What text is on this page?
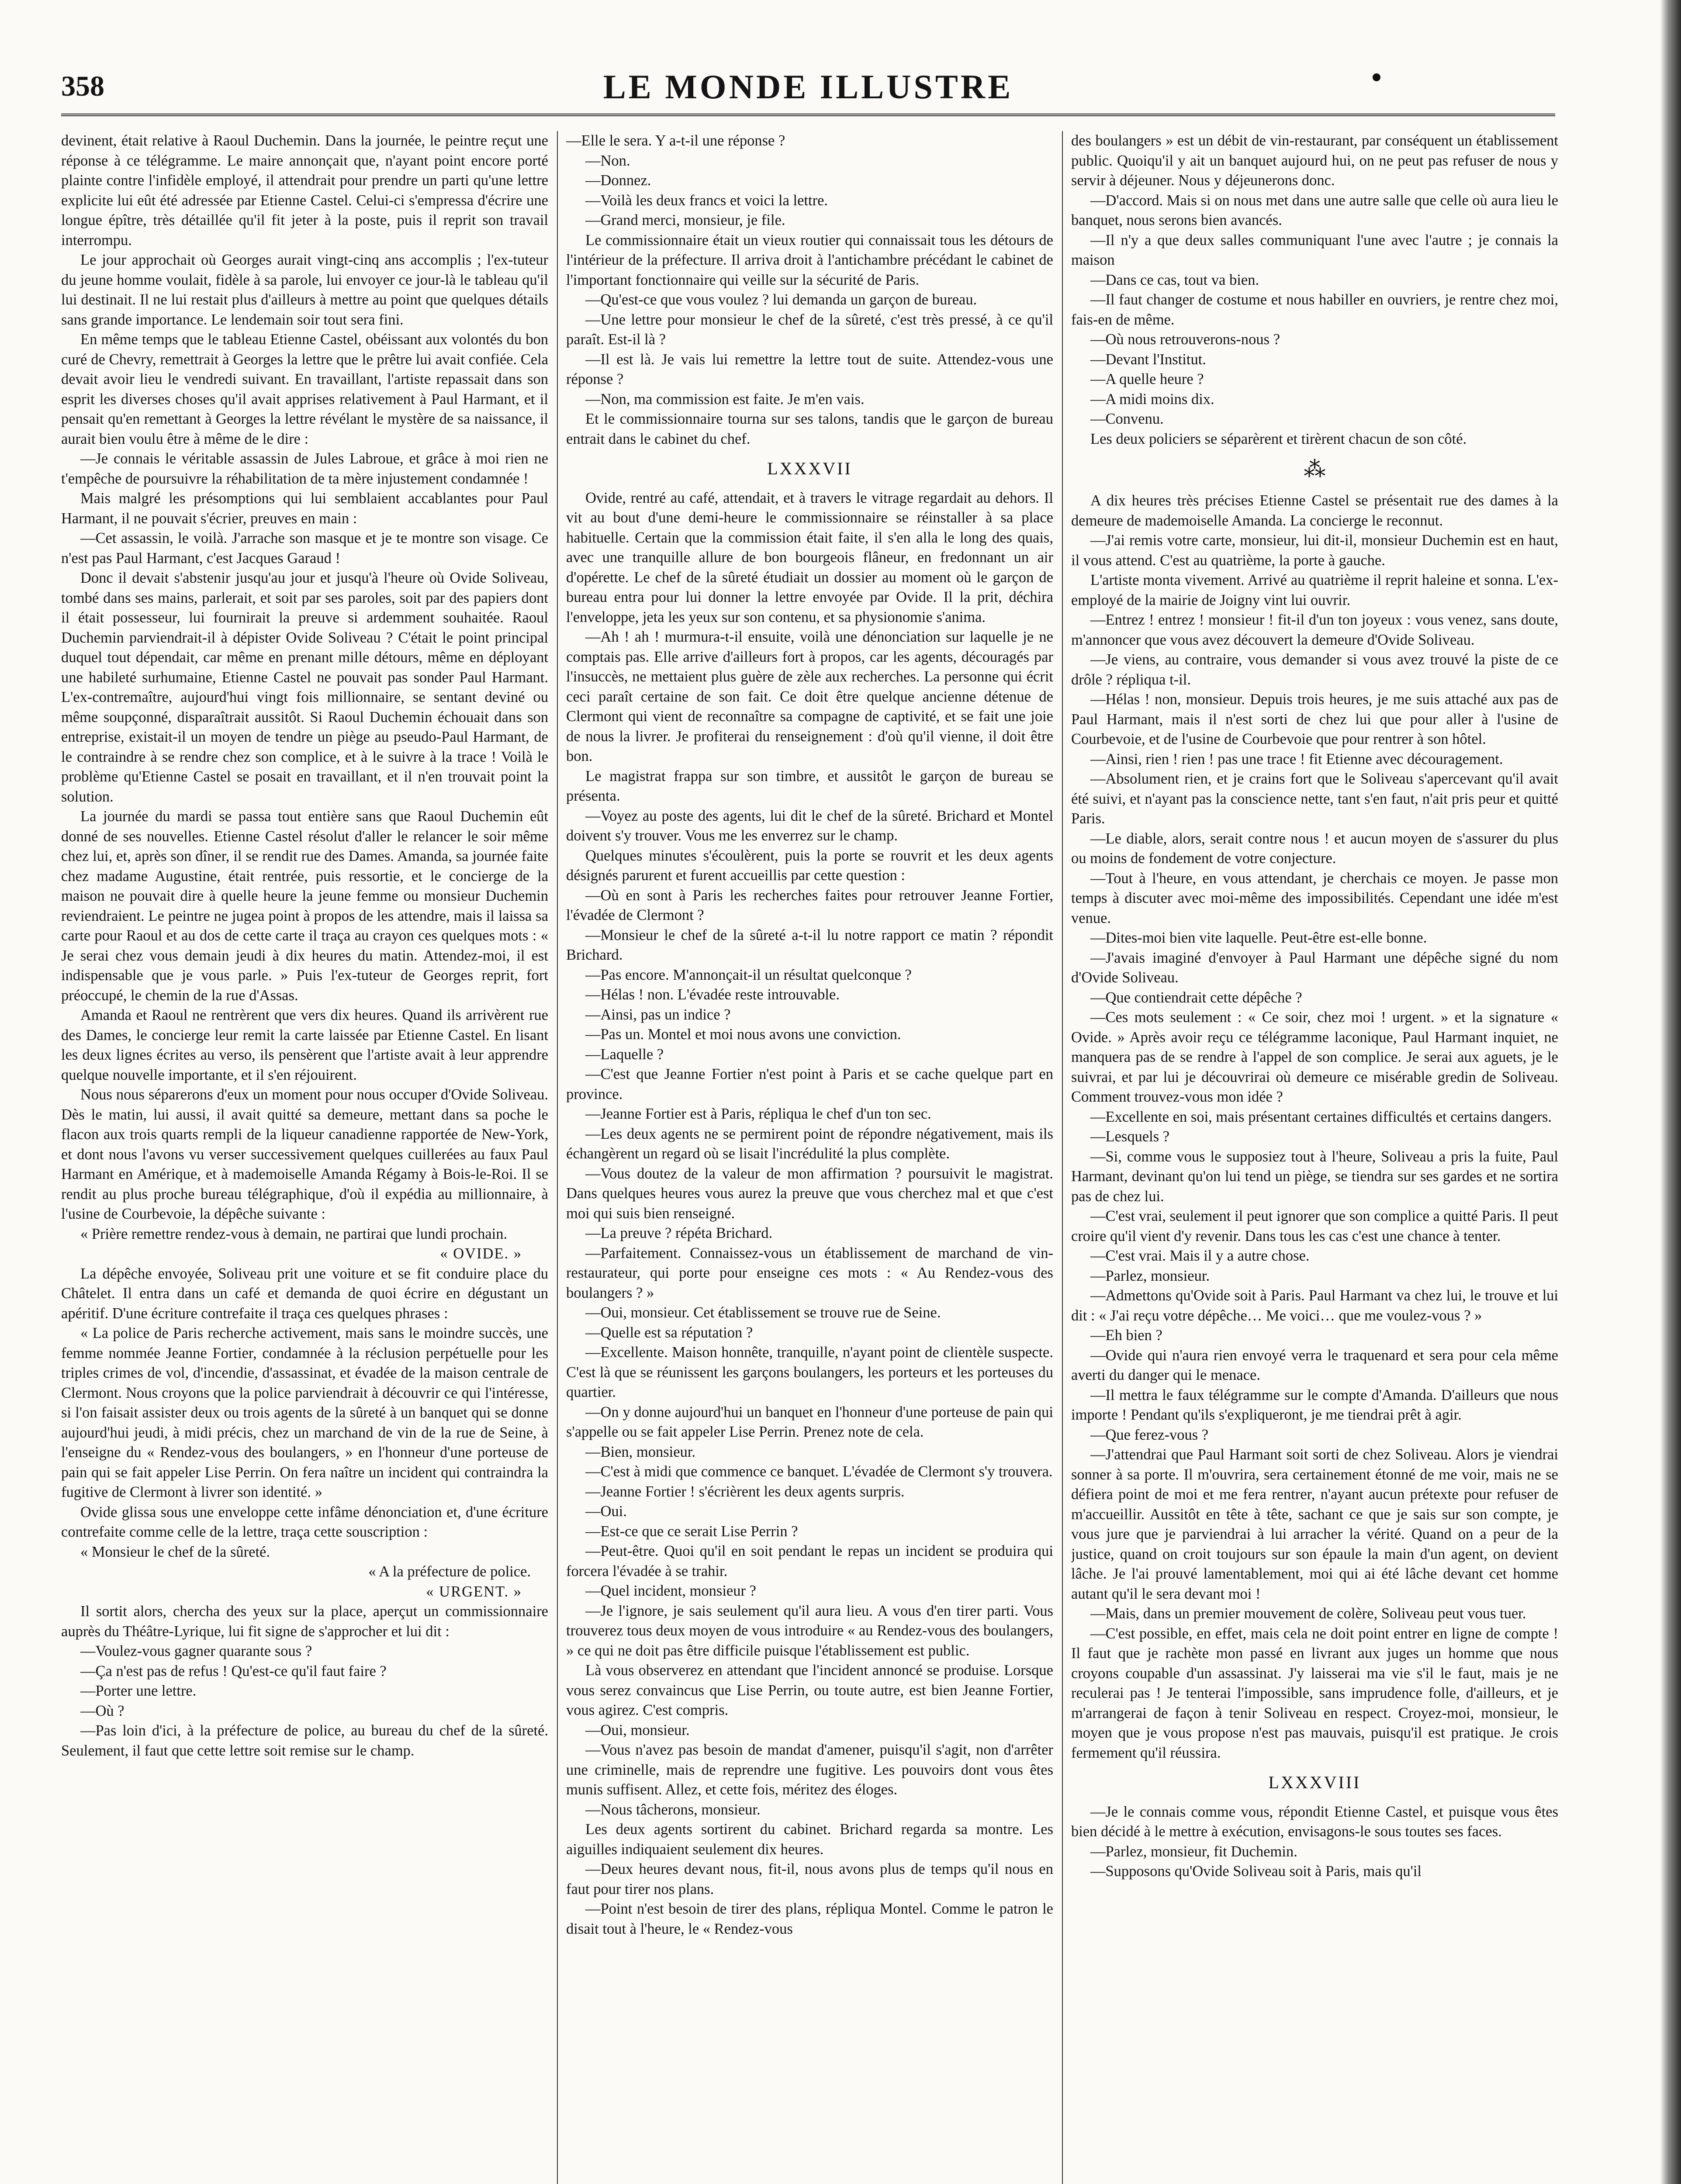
358	LE MONDE ILLUSTRE

devinent, était relative à Raoul Duchemin. Dans la journée, le peintre reçut une réponse à ce télégramme. Le maire annonçait que, n'ayant point encore porté plainte contre l'infidèle employé, il attendrait pour prendre un parti qu'une lettre explicite lui eût été adressée par Etienne Castel. Celui-ci s'empressa d'écrire une longue épître, très détaillée qu'il fit jeter à la poste, puis il reprit son travail interrompu.

Le jour approchait où Georges aurait vingt-cinq ans accomplis ; l'ex-tuteur du jeune homme voulait, fidèle à sa parole, lui envoyer ce jour-là le tableau qu'il lui destinait. Il ne lui restait plus d'ailleurs à mettre au point que quelques détails sans grande importance. Le lendemain soir tout sera fini.

En même temps que le tableau Etienne Castel, obéissant aux volontés du bon curé de Chevry, remettrait à Georges la lettre que le prêtre lui avait confiée. Cela devait avoir lieu le vendredi suivant. En travaillant, l'artiste repassait dans son esprit les diverses choses qu'il avait apprises relativement à Paul Harmant, et il pensait qu'en remettant à Georges la lettre révélant le mystère de sa naissance, il aurait bien voulu être à même de le dire :

—Je connais le véritable assassin de Jules Labroue, et grâce à moi rien ne t'empêche de poursuivre la réhabilitation de ta mère injustement condamnée !

Mais malgré les présomptions qui lui semblaient accablantes pour Paul Harmant, il ne pouvait s'écrier, preuves en main :

—Cet assassin, le voilà. J'arrache son masque et je te montre son visage. Ce n'est pas Paul Harmant, c'est Jacques Garaud !

Donc il devait s'abstenir jusqu'au jour et jusqu'à l'heure où Ovide Soliveau, tombé dans ses mains, parlerait, et soit par ses paroles, soit par des papiers dont il était possesseur, lui fournirait la preuve si ardemment souhaitée. Raoul Duchemin parviendrait-il à dépister Ovide Soliveau ? C'était le point principal duquel tout dépendait, car même en prenant mille détours, même en déployant une habileté surhumaine, Etienne Castel ne pouvait pas sonder Paul Harmant. L'ex-contremaître, aujourd'hui vingt fois millionnaire, se sentant deviné ou même soupçonné, disparaîtrait aussitôt. Si Raoul Duchemin échouait dans son entreprise, existait-il un moyen de tendre un piège au pseudo-Paul Harmant, de le contraindre à se rendre chez son complice, et à le suivre à la trace ! Voilà le problème qu'Etienne Castel se posait en travaillant, et il n'en trouvait point la solution.

La journée du mardi se passa tout entière sans que Raoul Duchemin eût donné de ses nouvelles. Etienne Castel résolut d'aller le relancer le soir même chez lui, et, après son dîner, il se rendit rue des Dames. Amanda, sa journée faite chez madame Augustine, était rentrée, puis ressortie, et le concierge de la maison ne pouvait dire à quelle heure la jeune femme ou monsieur Duchemin reviendraient. Le peintre ne jugea point à propos de les attendre, mais il laissa sa carte pour Raoul et au dos de cette carte il traça au crayon ces quelques mots : « Je serai chez vous demain jeudi à dix heures du matin. Attendez-moi, il est indispensable que je vous parle. » Puis l'ex-tuteur de Georges reprit, fort préoccupé, le chemin de la rue d'Assas.

Amanda et Raoul ne rentrèrent que vers dix heures. Quand ils arrivèrent rue des Dames, le concierge leur remit la carte laissée par Etienne Castel. En lisant les deux lignes écrites au verso, ils pensèrent que l'artiste avait à leur apprendre quelque nouvelle importante, et il s'en réjouirent.

Nous nous séparerons d'eux un moment pour nous occuper d'Ovide Soliveau. Dès le matin, lui aussi, il avait quitté sa demeure, mettant dans sa poche le flacon aux trois quarts rempli de la liqueur canadienne rapportée de New-York, et dont nous l'avons vu verser successivement quelques cuillerées au faux Paul Harmant en Amérique, et à mademoiselle Amanda Régamy à Bois-le-Roi. Il se rendit au plus proche bureau télégraphique, d'où il expédia au millionnaire, à l'usine de Courbevoie, la dépêche suivante :

« Prière remettre rendez-vous à demain, ne partirai que lundi prochain.

« OVIDE. »

La dépêche envoyée, Soliveau prit une voiture et se fit conduire place du Châtelet. Il entra dans un café et demanda de quoi écrire en dégustant un apéritif. D'une écriture contrefaite il traça ces quelques phrases :

« La police de Paris recherche activement, mais sans le moindre succès, une femme nommée Jeanne Fortier, condamnée à la réclusion perpétuelle pour les triples crimes de vol, d'incendie, d'assassinat, et évadée de la maison centrale de Clermont. Nous croyons que la police parviendrait à découvrir ce qui l'intéresse, si l'on faisait assister deux ou trois agents de la sûreté à un banquet qui se donne aujourd'hui jeudi, à midi précis, chez un marchand de vin de la rue de Seine, à l'enseigne du « Rendez-vous des boulangers, » en l'honneur d'une porteuse de pain qui se fait appeler Lise Perrin. On fera naître un incident qui contraindra la fugitive de Clermont à livrer son identité. »

Ovide glissa sous une enveloppe cette infâme dénonciation et, d'une écriture contrefaite comme celle de la lettre, traça cette souscription :

« Monsieur le chef de la sûreté.

« A la préfecture de police.

« URGENT. »

Il sortit alors, chercha des yeux sur la place, aperçut un commissionnaire auprès du Théâtre-Lyrique, lui fit signe de s'approcher et lui dit :

—Voulez-vous gagner quarante sous ?

—Ça n'est pas de refus ! Qu'est-ce qu'il faut faire ?

—Porter une lettre.

—Où ?

—Pas loin d'ici, à la préfecture de police, au bureau du chef de la sûreté. Seulement, il faut que cette lettre soit remise sur le champ.

—Elle le sera. Y a-t-il une réponse ?

—Non.

—Donnez.

—Voilà les deux francs et voici la lettre.

—Grand merci, monsieur, je file.

Le commissionnaire était un vieux routier qui connaissait tous les détours de l'intérieur de la préfecture. Il arriva droit à l'antichambre précédant le cabinet de l'important fonctionnaire qui veille sur la sécurité de Paris.

—Qu'est-ce que vous voulez ? lui demanda un garçon de bureau.

—Une lettre pour monsieur le chef de la sûreté, c'est très pressé, à ce qu'il paraît. Est-il là ?

—Il est là. Je vais lui remettre la lettre tout de suite. Attendez-vous une réponse ?

—Non, ma commission est faite. Je m'en vais.

Et le commissionnaire tourna sur ses talons, tandis que le garçon de bureau entrait dans le cabinet du chef.

LXXXVII

Ovide, rentré au café, attendait, et à travers le vitrage regardait au dehors. Il vit au bout d'une demi-heure le commissionnaire se réinstaller à sa place habituelle. Certain que la commission était faite, il s'en alla le long des quais, avec une tranquille allure de bon bourgeois flâneur, en fredonnant un air d'opérette. Le chef de la sûreté étudiait un dossier au moment où le garçon de bureau entra pour lui donner la lettre envoyée par Ovide. Il la prit, déchira l'enveloppe, jeta les yeux sur son contenu, et sa physionomie s'anima.

—Ah ! ah ! murmura-t-il ensuite, voilà une dénonciation sur laquelle je ne comptais pas. Elle arrive d'ailleurs fort à propos, car les agents, découragés par l'insuccès, ne mettaient plus guère de zèle aux recherches. La personne qui écrit ceci paraît certaine de son fait. Ce doit être quelque ancienne détenue de Clermont qui vient de reconnaître sa compagne de captivité, et se fait une joie de nous la livrer. Je profiterai du renseignement : d'où qu'il vienne, il doit être bon.

Le magistrat frappa sur son timbre, et aussitôt le garçon de bureau se présenta.

—Voyez au poste des agents, lui dit le chef de la sûreté. Brichard et Montel doivent s'y trouver. Vous me les enverrez sur le champ.

Quelques minutes s'écoulèrent, puis la porte se rouvrit et les deux agents désignés parurent et furent accueillis par cette question :

—Où en sont à Paris les recherches faites pour retrouver Jeanne Fortier, l'évadée de Clermont ?

—Monsieur le chef de la sûreté a-t-il lu notre rapport ce matin ? répondit Brichard.

—Pas encore. M'annonçait-il un résultat quelconque ?

—Hélas ! non. L'évadée reste introuvable.

—Ainsi, pas un indice ?

—Pas un. Montel et moi nous avons une conviction.

—Laquelle ?

—C'est que Jeanne Fortier n'est point à Paris et se cache quelque part en province.

—Jeanne Fortier est à Paris, répliqua le chef d'un ton sec.

—Les deux agents ne se permirent point de répondre négativement, mais ils échangèrent un regard où se lisait l'incrédulité la plus complète.

—Vous doutez de la valeur de mon affirmation ? poursuivit le magistrat. Dans quelques heures vous aurez la preuve que vous cherchez mal et que c'est moi qui suis bien renseigné.

—La preuve ? répéta Brichard.

—Parfaitement. Connaissez-vous un établissement de marchand de vin-restaurateur, qui porte pour enseigne ces mots : « Au Rendez-vous des boulangers ? »

—Oui, monsieur. Cet établissement se trouve rue de Seine.

—Quelle est sa réputation ?

—Excellente. Maison honnête, tranquille, n'ayant point de clientèle suspecte. C'est là que se réunissent les garçons boulangers, les porteurs et les porteuses du quartier.

—On y donne aujourd'hui un banquet en l'honneur d'une porteuse de pain qui s'appelle ou se fait appeler Lise Perrin. Prenez note de cela.

—Bien, monsieur.

—C'est à midi que commence ce banquet. L'évadée de Clermont s'y trouvera.

—Jeanne Fortier ! s'écrièrent les deux agents surpris.

—Oui.

—Est-ce que ce serait Lise Perrin ?

—Peut-être. Quoi qu'il en soit pendant le repas un incident se produira qui forcera l'évadée à se trahir.

—Quel incident, monsieur ?

—Je l'ignore, je sais seulement qu'il aura lieu. A vous d'en tirer parti. Vous trouverez tous deux moyen de vous introduire « au Rendez-vous des boulangers, » ce qui ne doit pas être difficile puisque l'établissement est public.

Là vous observerez en attendant que l'incident annoncé se produise. Lorsque vous serez convaincus que Lise Perrin, ou toute autre, est bien Jeanne Fortier, vous agirez. C'est compris.

—Oui, monsieur.

—Vous n'avez pas besoin de mandat d'amener, puisqu'il s'agit, non d'arrêter une criminelle, mais de reprendre une fugitive. Les pouvoirs dont vous êtes munis suffisent. Allez, et cette fois, méritez des éloges.

—Nous tâcherons, monsieur.

Les deux agents sortirent du cabinet. Brichard regarda sa montre. Les aiguilles indiquaient seulement dix heures.

—Deux heures devant nous, fit-il, nous avons plus de temps qu'il nous en faut pour tirer nos plans.

—Point n'est besoin de tirer des plans, répliqua Montel. Comme le patron le disait tout à l'heure, le « Rendez-vous

des boulangers » est un débit de vin-restaurant, par conséquent un établissement public. Quoiqu'il y ait un banquet aujourd hui, on ne peut pas refuser de nous y servir à déjeuner. Nous y déjeunerons donc.

—D'accord. Mais si on nous met dans une autre salle que celle où aura lieu le banquet, nous serons bien avancés.

—Il n'y a que deux salles communiquant l'une avec l'autre ; je connais la maison

—Dans ce cas, tout va bien.

—Il faut changer de costume et nous habiller en ouvriers, je rentre chez moi, fais-en de même.

—Où nous retrouverons-nous ?

—Devant l'Institut.

—A quelle heure ?

—A midi moins dix.

—Convenu.

Les deux policiers se séparèrent et tirèrent chacun de son côté.

⁂

A dix heures très précises Etienne Castel se présentait rue des dames à la demeure de mademoiselle Amanda. La concierge le reconnut.

—J'ai remis votre carte, monsieur, lui dit-il, monsieur Duchemin est en haut, il vous attend. C'est au quatrième, la porte à gauche.

L'artiste monta vivement. Arrivé au quatrième il reprit haleine et sonna. L'ex-employé de la mairie de Joigny vint lui ouvrir.

—Entrez ! entrez ! monsieur ! fit-il d'un ton joyeux : vous venez, sans doute, m'annoncer que vous avez découvert la demeure d'Ovide Soliveau.

—Je viens, au contraire, vous demander si vous avez trouvé la piste de ce drôle ? répliqua t-il.

—Hélas ! non, monsieur. Depuis trois heures, je me suis attaché aux pas de Paul Harmant, mais il n'est sorti de chez lui que pour aller à l'usine de Courbevoie, et de l'usine de Courbevoie que pour rentrer à son hôtel.

—Ainsi, rien ! rien ! pas une trace ! fit Etienne avec découragement.

—Absolument rien, et je crains fort que le Soliveau s'apercevant qu'il avait été suivi, et n'ayant pas la conscience nette, tant s'en faut, n'ait pris peur et quitté Paris.

—Le diable, alors, serait contre nous ! et aucun moyen de s'assurer du plus ou moins de fondement de votre conjecture.

—Tout à l'heure, en vous attendant, je cherchais ce moyen. Je passe mon temps à discuter avec moi-même des impossibilités. Cependant une idée m'est venue.

—Dites-moi bien vite laquelle. Peut-être est-elle bonne.

—J'avais imaginé d'envoyer à Paul Harmant une dépêche signé du nom d'Ovide Soliveau.

—Que contiendrait cette dépêche ?

—Ces mots seulement : « Ce soir, chez moi ! urgent. » et la signature « Ovide. » Après avoir reçu ce télégramme laconique, Paul Harmant inquiet, ne manquera pas de se rendre à l'appel de son complice. Je serai aux aguets, je le suivrai, et par lui je découvrirai où demeure ce misérable gredin de Soliveau. Comment trouvez-vous mon idée ?

—Excellente en soi, mais présentant certaines difficultés et certains dangers.

—Lesquels ?

—Si, comme vous le supposiez tout à l'heure, Soliveau a pris la fuite, Paul Harmant, devinant qu'on lui tend un piège, se tiendra sur ses gardes et ne sortira pas de chez lui.

—C'est vrai, seulement il peut ignorer que son complice a quitté Paris. Il peut croire qu'il vient d'y revenir. Dans tous les cas c'est une chance à tenter.

—C'est vrai. Mais il y a autre chose.

—Parlez, monsieur.

—Admettons qu'Ovide soit à Paris. Paul Harmant va chez lui, le trouve et lui dit : « J'ai reçu votre dépêche… Me voici… que me voulez-vous ? »

—Eh bien ?

—Ovide qui n'aura rien envoyé verra le traquenard et sera pour cela même averti du danger qui le menace.

—Il mettra le faux télégramme sur le compte d'Amanda. D'ailleurs que nous importe ! Pendant qu'ils s'expliqueront, je me tiendrai prêt à agir.

—Que ferez-vous ?

—J'attendrai que Paul Harmant soit sorti de chez Soliveau. Alors je viendrai sonner à sa porte. Il m'ouvrira, sera certainement étonné de me voir, mais ne se défiera point de moi et me fera rentrer, n'ayant aucun prétexte pour refuser de m'accueillir. Aussitôt en tête à tête, sachant ce que je sais sur son compte, je vous jure que je parviendrai à lui arracher la vérité. Quand on a peur de la justice, quand on croit toujours sur son épaule la main d'un agent, on devient lâche. Je l'ai prouvé lamentablement, moi qui ai été lâche devant cet homme autant qu'il le sera devant moi !

—Mais, dans un premier mouvement de colère, Soliveau peut vous tuer.

—C'est possible, en effet, mais cela ne doit point entrer en ligne de compte ! Il faut que je rachète mon passé en livrant aux juges un homme que nous croyons coupable d'un assassinat. J'y laisserai ma vie s'il le faut, mais je ne reculerai pas ! Je tenterai l'impossible, sans imprudence folle, d'ailleurs, et je m'arrangerai de façon à tenir Soliveau en respect. Croyez-moi, monsieur, le moyen que je vous propose n'est pas mauvais, puisqu'il est pratique. Je crois fermement qu'il réussira.

LXXXVIII

—Je le connais comme vous, répondit Etienne Castel, et puisque vous êtes bien décidé à le mettre à exécution, envisagons-le sous toutes ses faces.

—Parlez, monsieur, fit Duchemin.

—Supposons qu'Ovide Soliveau soit à Paris, mais qu'il
